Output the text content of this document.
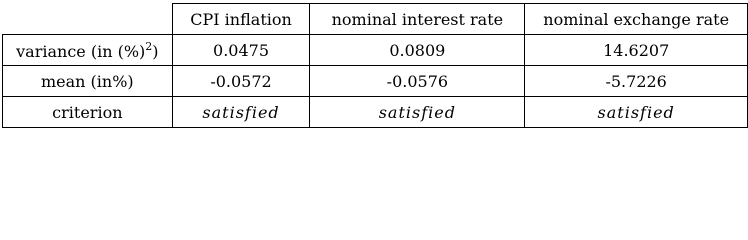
	CPI inflation	nominal interest rate	nominal exchange rate
variance (in (%)$^2$)	0.0475	0.0809	14.6207
mean (in%)	-0.0572	-0.0576	-5.7226
criterion	satisfied	satisfied	satisfied
